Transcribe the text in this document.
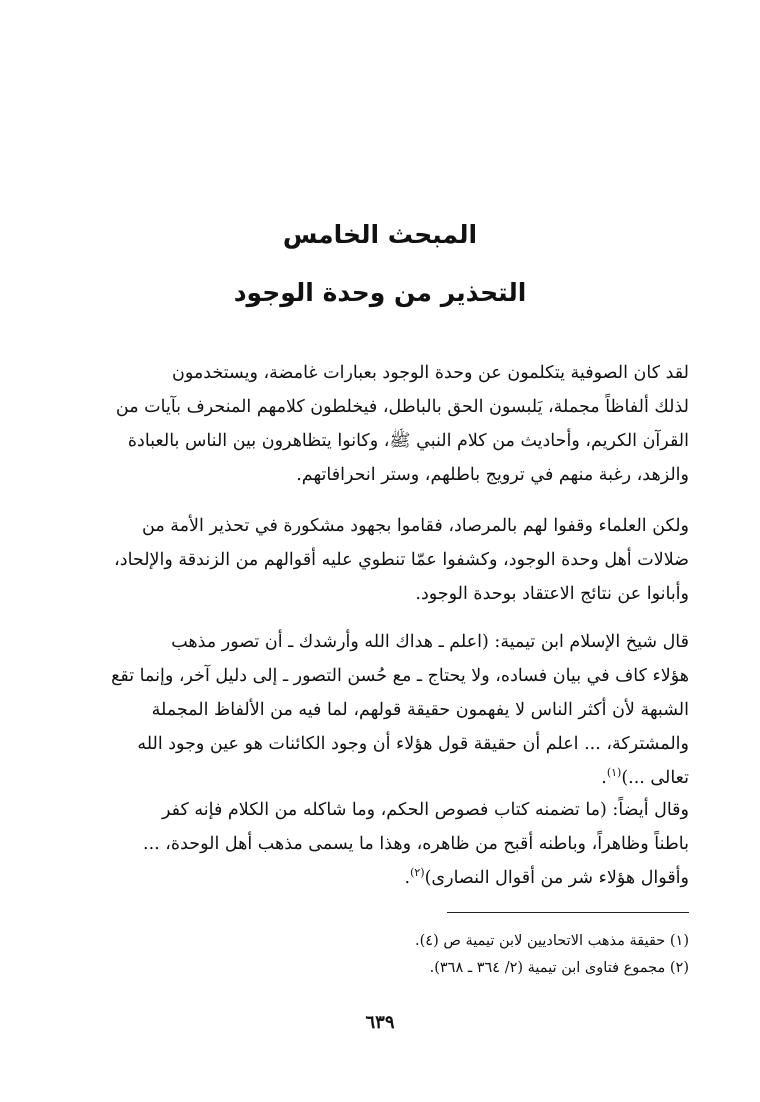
المبحث الخامس
التحذير من وحدة الوجود
لقد كان الصوفية يتكلمون عن وحدة الوجود بعبارات غامضة، ويستخدمون
لذلك ألفاظاً مجملة، يَلبسون الحق بالباطل، فيخلطون كلامهم المنحرف بآيات من
القرآن الكريم، وأحاديث من كلام النبي ﷺ، وكانوا يتظاهرون بين الناس بالعبادة
والزهد، رغبة منهم في ترويج باطلهم، وستر انحرافاتهم.
ولكن العلماء وقفوا لهم بالمرصاد، فقاموا بجهود مشكورة في تحذير الأمة من
ضلالات أهل وحدة الوجود، وكشفوا عمّا تنطوي عليه أقوالهم من الزندقة والإلحاد،
وأبانوا عن نتائج الاعتقاد بوحدة الوجود.
قال شيخ الإسلام ابن تيمية: (اعلم ـ هداك الله وأرشدك ـ أن تصور مذهب
هؤلاء كاف في بيان فساده، ولا يحتاج ـ مع حُسن التصور ـ إلى دليل آخر، وإنما تقع
الشبهة لأن أكثر الناس لا يفهمون حقيقة قولهم، لما فيه من الألفاظ المجملة
والمشتركة، ... اعلم أن حقيقة قول هؤلاء أن وجود الكائنات هو عين وجود الله
تعالى ...)$^{(١)}$.
وقال أيضاً: (ما تضمنه كتاب فصوص الحكم، وما شاكله من الكلام فإنه كفر
باطناً وظاهراً، وباطنه أقبح من ظاهره، وهذا ما يسمى مذهب أهل الوحدة، ...
وأقوال هؤلاء شر من أقوال النصارى)$^{(٢)}$.
(١) حقيقة مذهب الاتحاديين لابن تيمية ص (٤).
(٢) مجموع فتاوى ابن تيمية (٢/ ٣٦٤ ـ ٣٦٨).
٦٣٩
